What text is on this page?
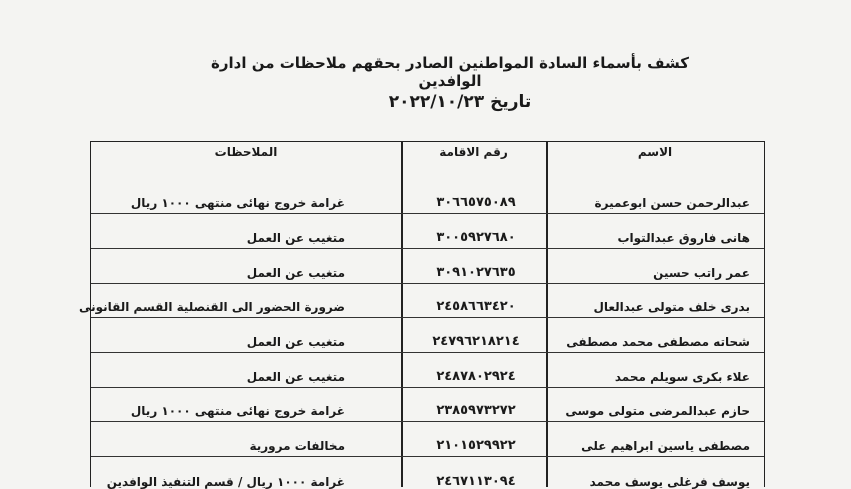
كشف بأسماء السادة المواطنين الصادر بحقهم ملاحظات من ادارة الوافدين
تاريخ ٢٠٢٢/١٠/٢٣
الملاحظات	رقم الاقامة	الاسم
غرامة خروج نهائى منتهى ١٠٠٠ ريال	٣٠٦٦٥٧٥٠٨٩	عبدالرحمن حسن ابوعميرة
متغيب عن العمل	٣٠٠٥٩٢٧٦٨٠	هانى فاروق عبدالتواب
متغيب عن العمل	٣٠٩١٠٢٧٦٣٥	عمر راتب حسين
ضرورة الحضور الى القنصلية القسم القانونى	٢٤٥٨٦٦٣٤٢٠	بدرى خلف متولى عبدالعال
متغيب عن العمل	٢٤٧٩٦٢١٨٢١٤	شحاته مصطفى محمد مصطفى
متغيب عن العمل	٢٤٨٧٨٠٢٩٢٤	علاء بكرى سويلم محمد
غرامة خروج نهائى منتهى ١٠٠٠ ريال	٢٣٨٥٩٧٣٢٧٢	حازم عبدالمرضى متولى موسى
مخالفات مرورية	٢١٠١٥٢٩٩٢٢	مصطفى ياسين ابراهيم على
غرامة ١٠٠٠ ريال / قسم التنفيذ الوافدين	٢٤٦٧١١٣٠٩٤	يوسف فرغلى يوسف محمد
